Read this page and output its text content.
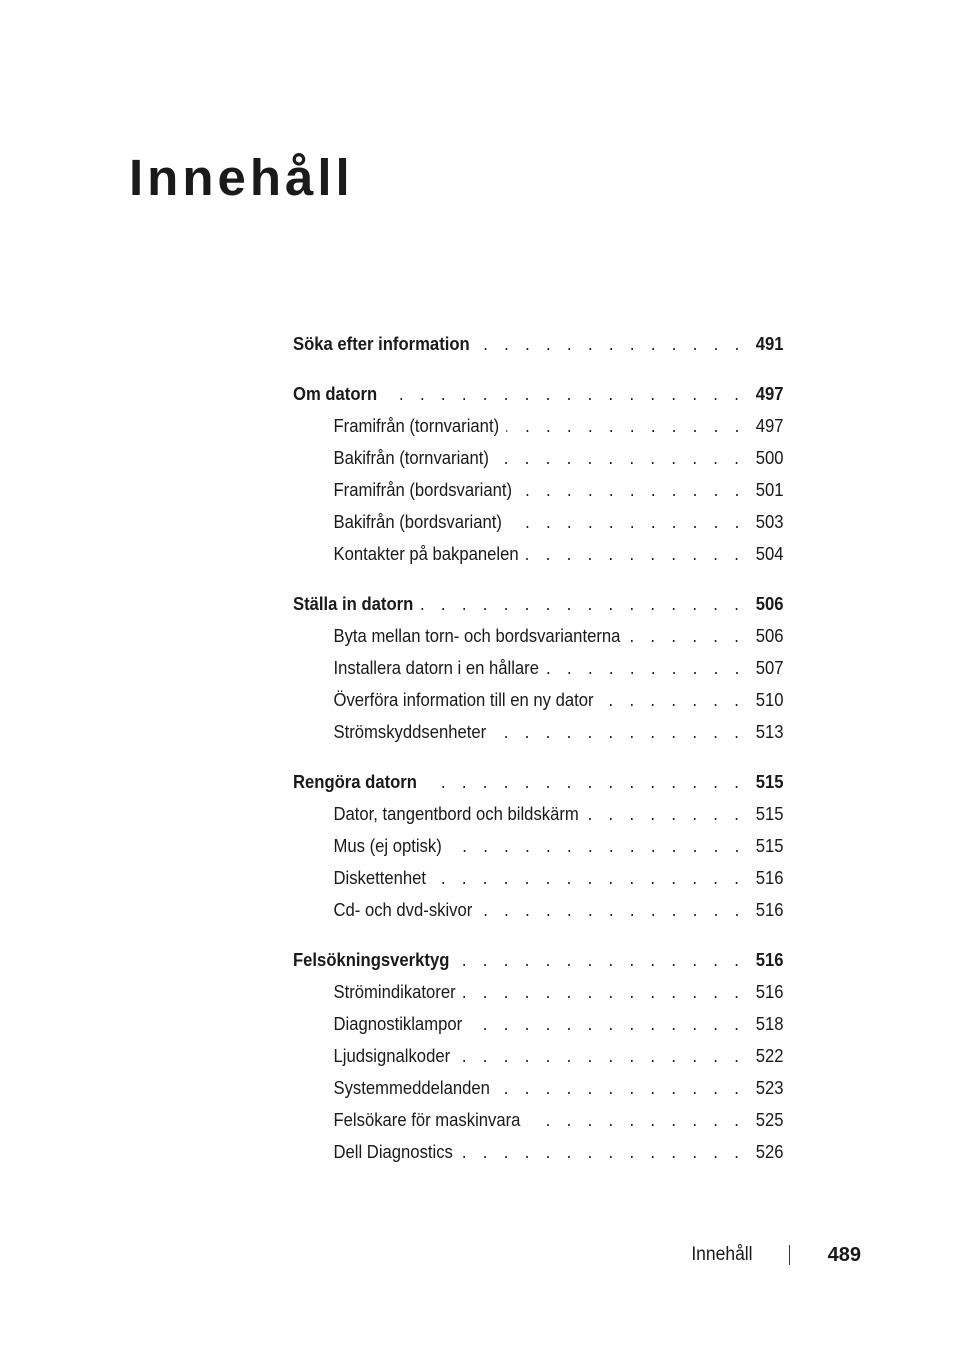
Innehåll
Söka efter information . . .	491
Om datorn . . .	497
Framifrån (tornvariant) . . .	497
Bakifrån (tornvariant) . . .	500
Framifrån (bordsvariant) . . .	501
Bakifrån (bordsvariant) . . .	503
Kontakter på bakpanelen . . .	504
Ställa in datorn . . .	506
Byta mellan torn- och bordsvarianterna . . .	506
Installera datorn i en hållare . . .	507
Överföra information till en ny dator . . .	510
Strömskyddsenheter . . .	513
Rengöra datorn . . .	515
Dator, tangentbord och bildskärm . . .	515
Mus (ej optisk) . . .	515
Diskettenhet . . .	516
Cd- och dvd-skivor . . .	516
Felsökningsverktyg . . .	516
Strömindikatorer . . .	516
Diagnostiklampor . . .	518
Ljudsignalkoder . . .	522
Systemmeddelanden . . .	523
Felsökare för maskinvara . . .	525
Dell Diagnostics . . .	526
Innehåll	489
